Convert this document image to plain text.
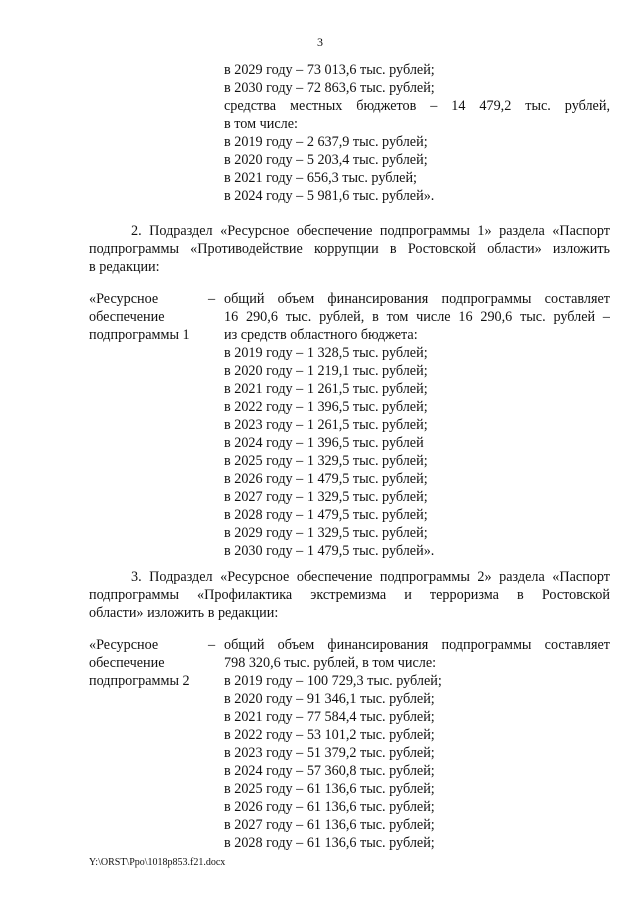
3
в 2029 году – 73 013,6 тыс. рублей;
в 2030 году – 72 863,6 тыс. рублей;
средства местных бюджетов – 14 479,2 тыс. рублей,
в том числе:
в 2019 году – 2 637,9 тыс. рублей;
в 2020 году – 5 203,4 тыс. рублей;
в 2021 году – 656,3 тыс. рублей;
в 2024 году – 5 981,6 тыс. рублей».
2. Подраздел «Ресурсное обеспечение подпрограммы 1» раздела «Паспорт
подпрограммы «Противодействие коррупции в Ростовской области» изложить
в редакции:
«Ресурсное
обеспечение
подпрограммы 1
– общий объем финансирования подпрограммы составляет
16 290,6 тыс. рублей, в том числе 16 290,6 тыс. рублей –
из средств областного бюджета:
в 2019 году – 1 328,5 тыс. рублей;
в 2020 году – 1 219,1 тыс. рублей;
в 2021 году – 1 261,5 тыс. рублей;
в 2022 году – 1 396,5 тыс. рублей;
в 2023 году – 1 261,5 тыс. рублей;
в 2024 году – 1 396,5 тыс. рублей
в 2025 году – 1 329,5 тыс. рублей;
в 2026 году – 1 479,5 тыс. рублей;
в 2027 году – 1 329,5 тыс. рублей;
в 2028 году – 1 479,5 тыс. рублей;
в 2029 году – 1 329,5 тыс. рублей;
в 2030 году – 1 479,5 тыс. рублей».
3. Подраздел «Ресурсное обеспечение подпрограммы 2» раздела «Паспорт
подпрограммы «Профилактика экстремизма и терроризма в Ростовской
области» изложить в редакции:
«Ресурсное
обеспечение
подпрограммы 2
– общий объем финансирования подпрограммы составляет
798 320,6 тыс. рублей, в том числе:
в 2019 году – 100 729,3 тыс. рублей;
в 2020 году – 91 346,1 тыс. рублей;
в 2021 году – 77 584,4 тыс. рублей;
в 2022 году – 53 101,2 тыс. рублей;
в 2023 году – 51 379,2 тыс. рублей;
в 2024 году – 57 360,8 тыс. рублей;
в 2025 году – 61 136,6 тыс. рублей;
в 2026 году – 61 136,6 тыс. рублей;
в 2027 году – 61 136,6 тыс. рублей;
в 2028 году – 61 136,6 тыс. рублей;
Y:\ORST\Ppo\1018p853.f21.docx
